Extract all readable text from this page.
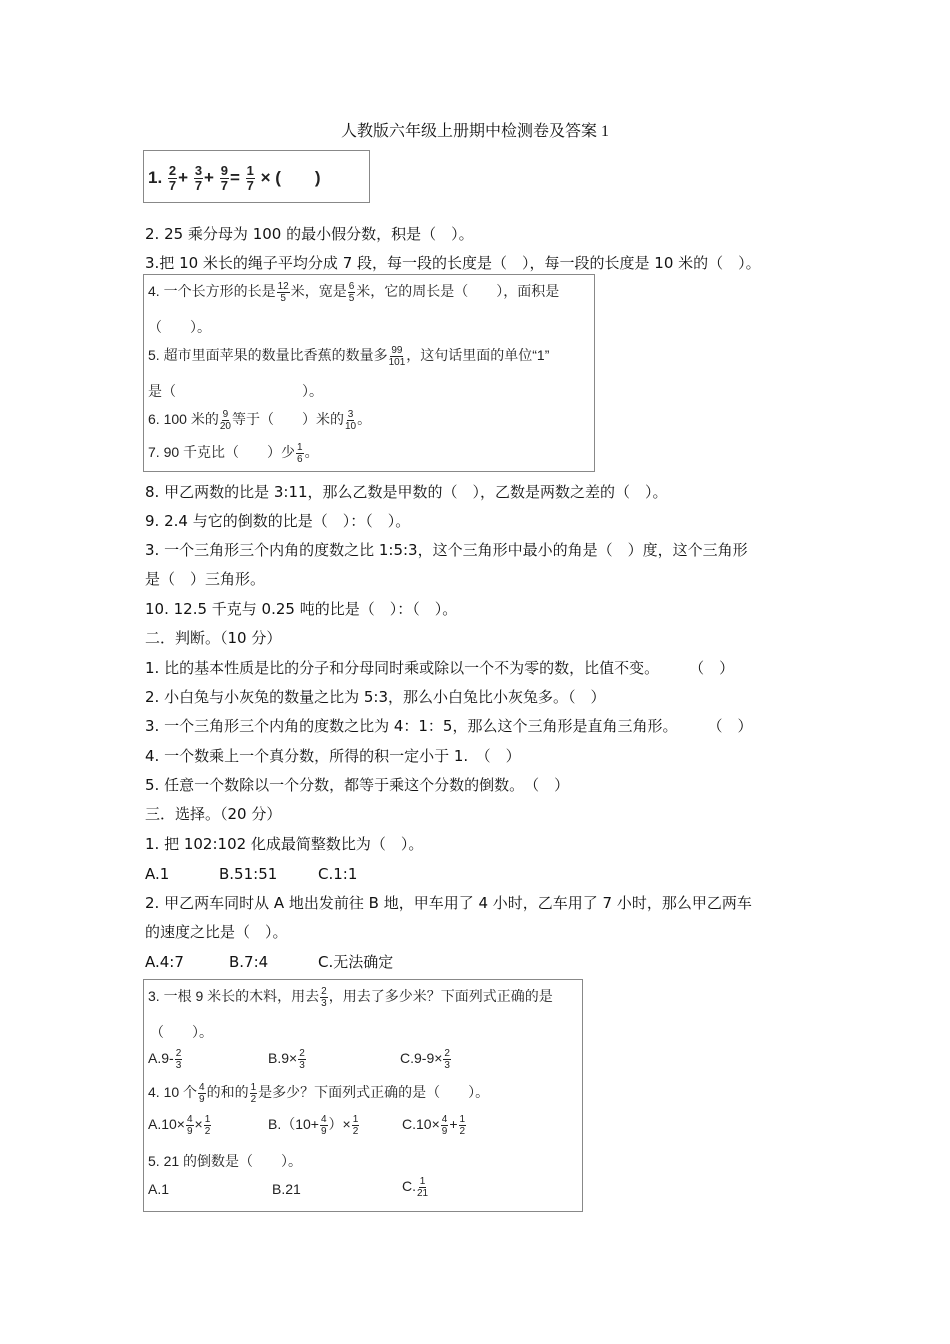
人教版六年级上册期中检测卷及答案 1
1. $\frac{2}{7} + \frac{3}{7} + \frac{9}{7} = \frac{1}{7}$ × (　　)
2. 25 乘分母为 100 的最小假分数，积是（　）。
3.把 10 米长的绳子平均分成 7 段，每一段的长度是（　），每一段的长度是 10 米的（　）。
4. 一个长方形的长是 $\frac{12}{5}$ 米，宽是 $\frac{6}{5}$ 米，它的周长是（　　），面积是
（　　）。
5. 超市里面苹果的数量比香蕉的数量多 $\frac{99}{101}$ ，这句话里面的单位“1”
是（　　　　　　　　　）。
6. 100 米的 $\frac{9}{20}$ 等于（　　）米的 $\frac{3}{10}$ 。
7. 90 千克比（　　）少 $\frac{1}{6}$ 。
8. 甲乙两数的比是 3:11，那么乙数是甲数的（　），乙数是两数之差的（　）。
9. 2.4 与它的倒数的比是（　）：（　）。
3. 一个三角形三个内角的度数之比 1:5:3，这个三角形中最小的角是（　）度，这个三角形
是（　）三角形。
10. 12.5 千克与 0.25 吨的比是（　）：（　）。
二．判断。（10 分）
1. 比的基本性质是比的分子和分母同时乘或除以一个不为零的数，比值不变。　　　（　）
2. 小白兔与小灰兔的数量之比为 5:3，那么小白兔比小灰兔多。（　）
3. 一个三角形三个内角的度数之比为 4：1：5，那么这个三角形是直角三角形。　　　（　）
4. 一个数乘上一个真分数，所得的积一定小于 1.　（　）
5. 任意一个数除以一个分数，都等于乘这个分数的倒数。　（　）
三．选择。（20 分）
1. 把 102:102 化成最简整数比为（　）。
A.1	B.51:51	C.1:1
2. 甲乙两车同时从 A 地出发前往 B 地，甲车用了 4 小时，乙车用了 7 小时，那么甲乙两车
的速度之比是（　）。
A.4:7	B.7:4	C.无法确定
3. 一根 9 米长的木料，用去 $\frac{2}{3}$ ，用去了多少米？下面列式正确的是
（　　）。
$A.9- \frac{2}{3}$	$B.9\times \frac{2}{3}$	$C.9-9\times \frac{2}{3}$
4. 10 个 $\frac{4}{9}$ 的和的 $\frac{1}{2}$ 是多少？下面列式正确的是（　　）。
$A.10\times \frac{4}{9} \times \frac{1}{2}$	$B.(10+ \frac{4}{9}$ ）× $\frac{1}{2}$	$C.10\times \frac{4}{9} + \frac{1}{2}$
5. 21 的倒数是（　　）。
A.1	B.21	C. $\frac{1}{21}$
